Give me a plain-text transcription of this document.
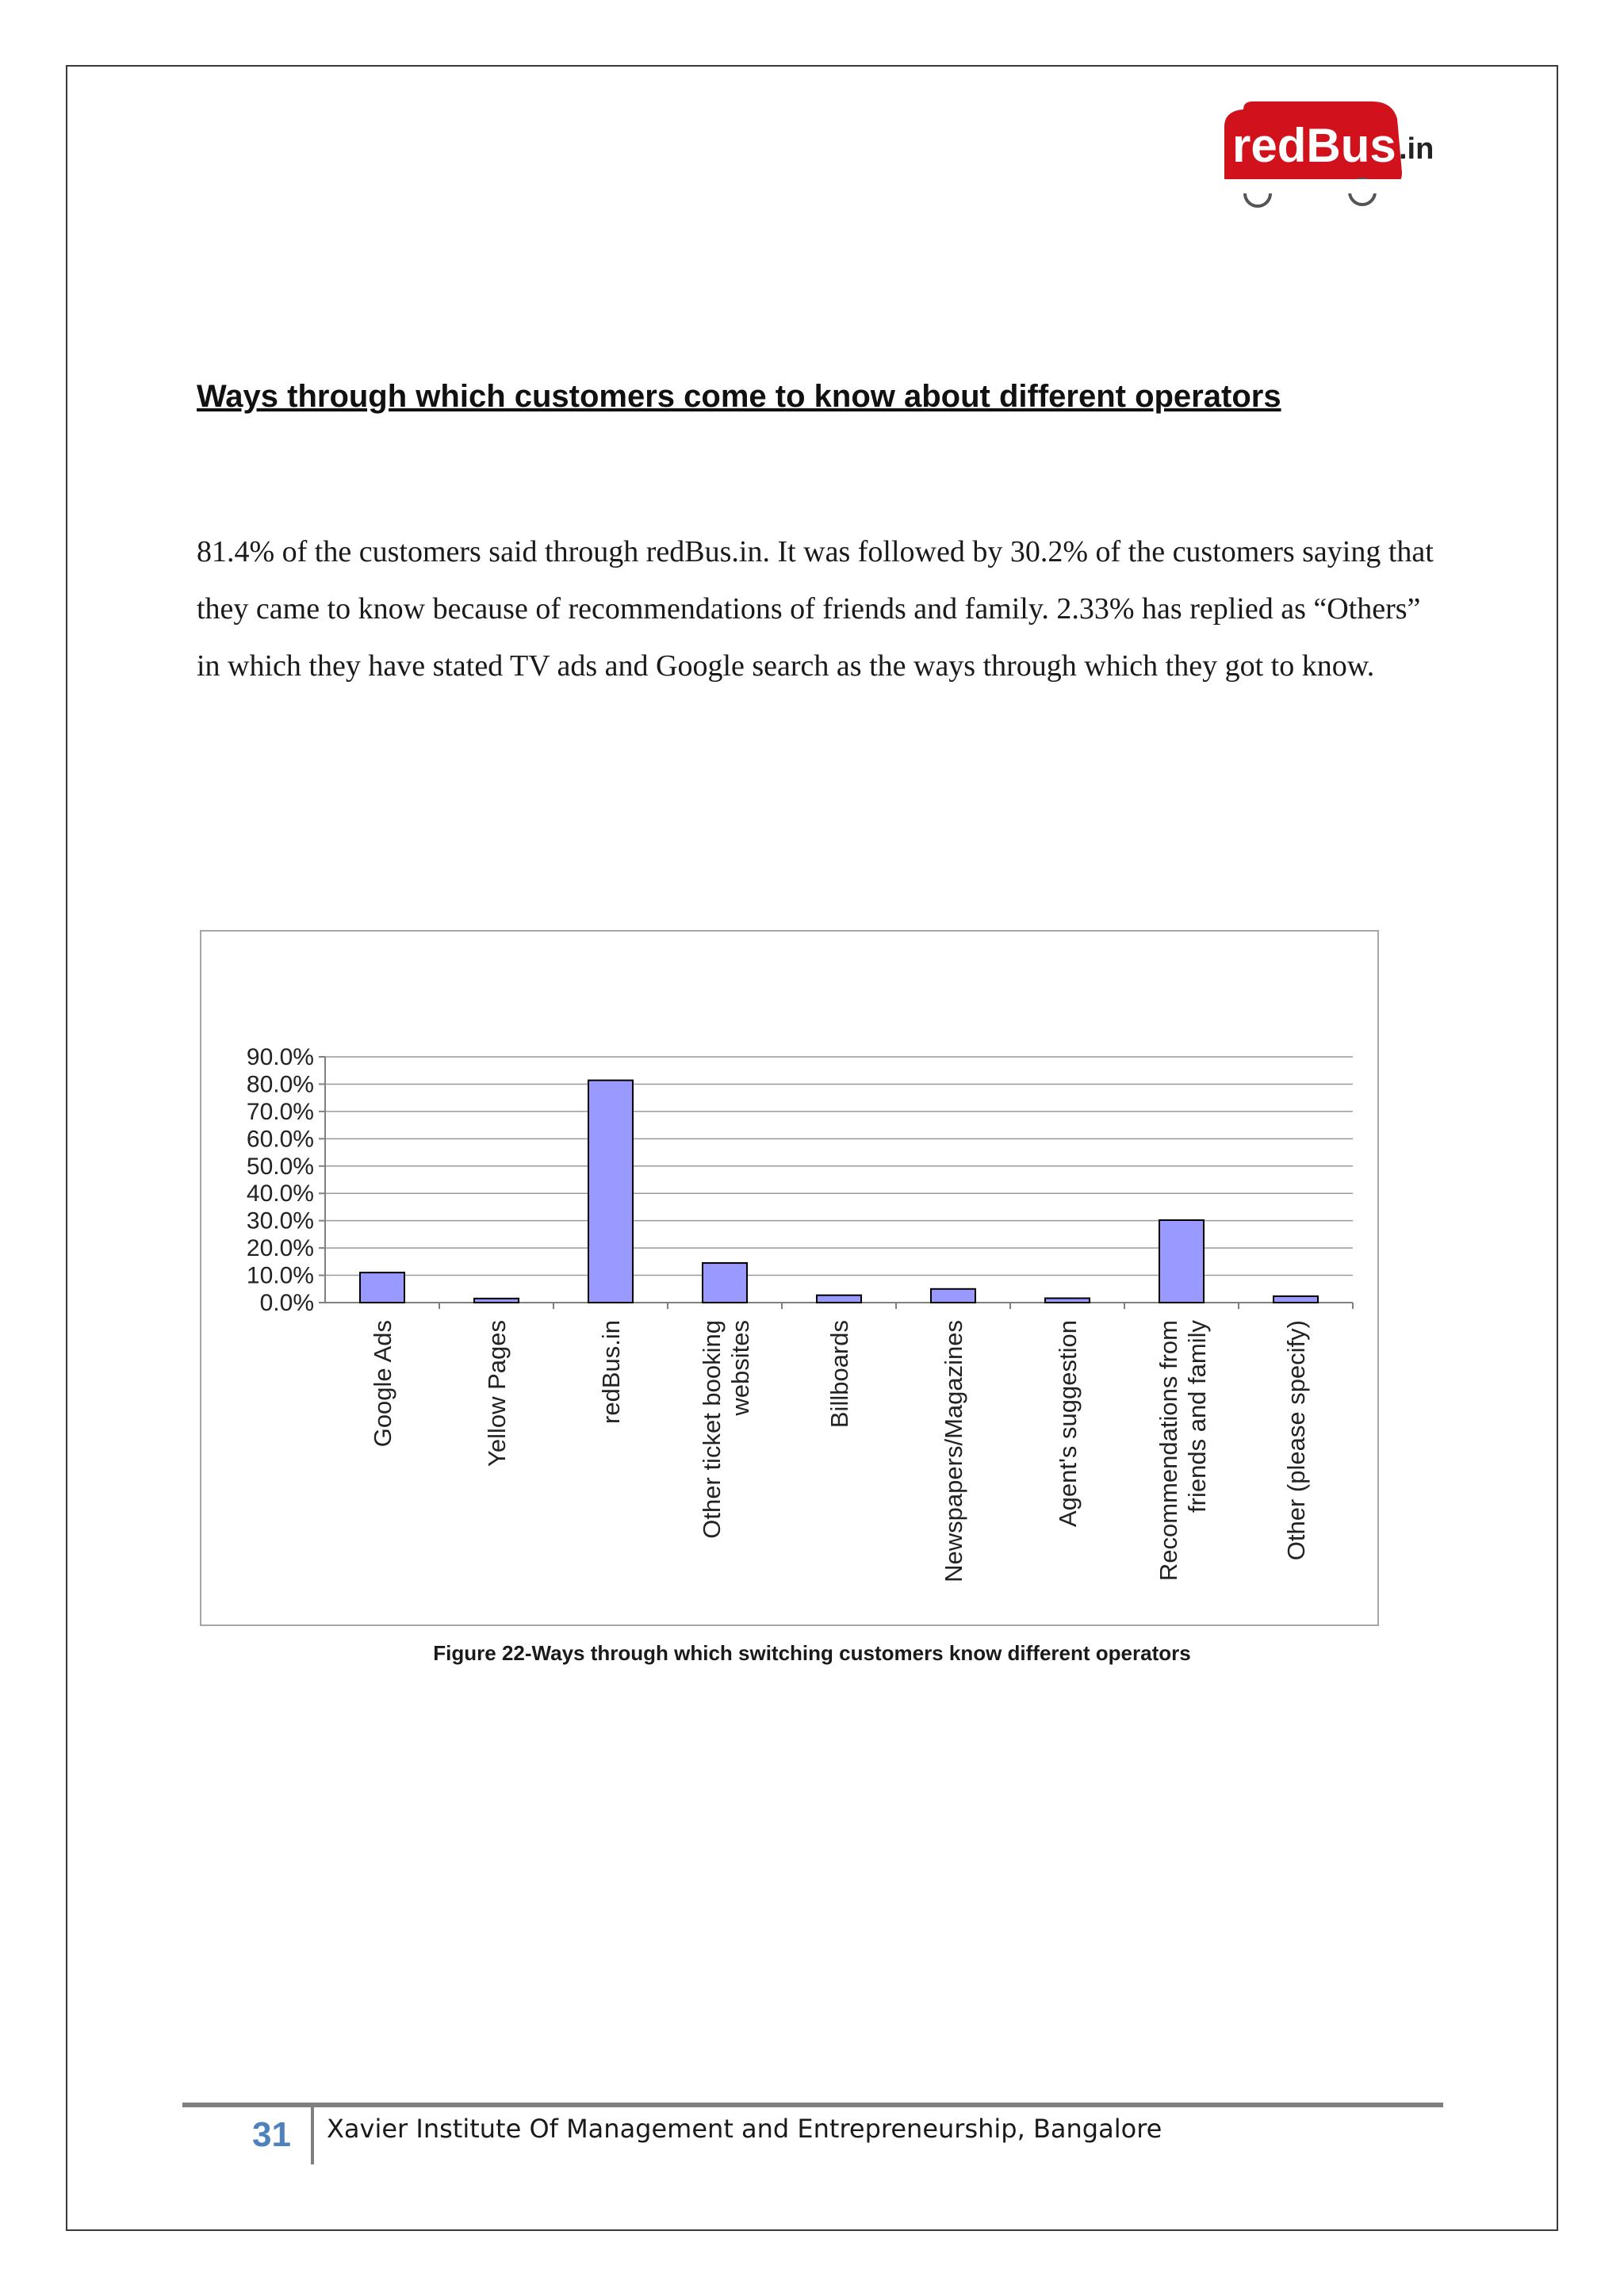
redBus .in
Ways through which customers come to know about different operators

81.4% of the customers said through redBus.in. It was followed by 30.2% of the customers saying that they came to know because of recommendations of friends and family. 2.33% has replied as “Others” in which they have stated TV ads and Google search as the ways through which they got to know.

0.0%
10.0%
20.0%
30.0%
40.0%
50.0%
60.0%
70.0%
80.0%
90.0%
Google Ads	Yellow Pages	redBus.in	Other ticket booking websites	Billboards	Newspapers/Magazines	Agent's suggestion	Recommendations from friends and family	Other (please specify)
Figure 22-Ways through which switching customers know different operators
31 Xavier Institute Of Management and Entrepreneurship, Bangalore
